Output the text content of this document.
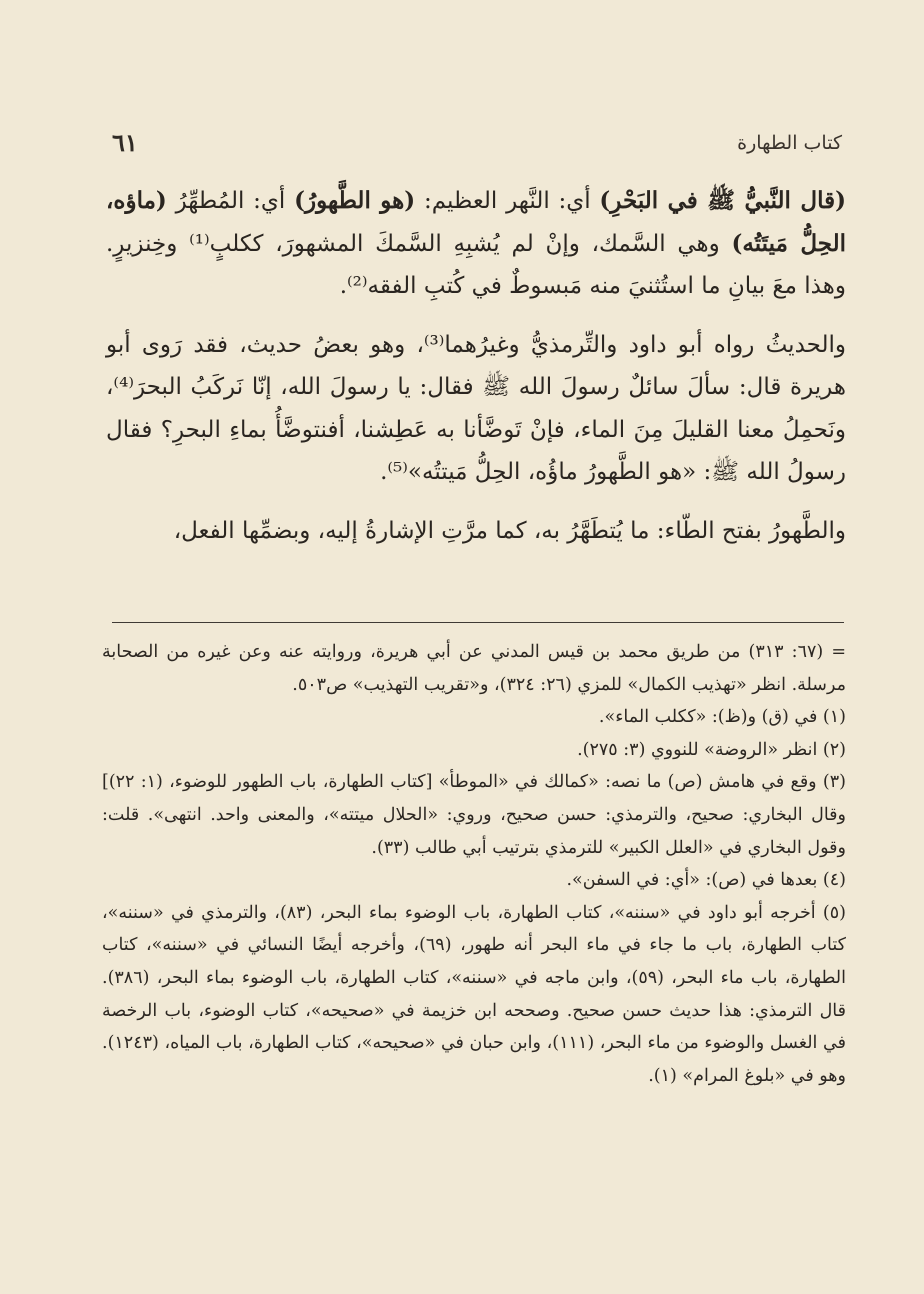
كتاب الطهارة
٦١

(قال النَّبيُّ ﷺ في البَحْرِ) أي: النَّهر العظيم: (هو الطَّهورُ) أي: المُطهِّرُ (ماؤه، الحِلُّ مَيتَتُه) وهي السَّمك، وإنْ لم يُشبِهِ السَّمكَ المشهورَ، ككلبٍ⁽¹⁾ وخِنزيرٍ. وهذا معَ بيانِ ما استُثنيَ منه مَبسوطٌ في كُتبِ الفقه⁽²⁾.

والحديثُ رواه أبو داود والتِّرمذيُّ وغيرُهما⁽³⁾، وهو بعضُ حديث، فقد رَوى أبو هريرة قال: سألَ سائلٌ رسولَ الله ﷺ فقال: يا رسولَ الله، إنّا نَركَبُ البحرَ⁽⁴⁾، ونَحمِلُ معنا القليلَ مِنَ الماء، فإنْ تَوضَّأنا به عَطِشنا، أفنتوضَّأُ بماءِ البحرِ؟ فقال رسولُ الله ﷺ: «هو الطَّهورُ ماؤُه، الحِلُّ مَيتتُه»⁽⁵⁾.

والطَّهورُ بفتح الطّاء: ما يُتطَهَّرُ به، كما مرَّتِ الإشارةُ إليه، وبضمِّها الفعل،

= (٦٧: ٣١٣) من طريق محمد بن قيس المدني عن أبي هريرة، وروايته عنه وعن غيره من الصحابة مرسلة. انظر «تهذيب الكمال» للمزي (٢٦: ٣٢٤)، و«تقريب التهذيب» ص٥٠٣.

(١) في (ق) و(ظ): «ككلب الماء».

(٢) انظر «الروضة» للنووي (٣: ٢٧٥).

(٣) وقع في هامش (ص) ما نصه: «كمالك في «الموطأ» [كتاب الطهارة، باب الطهور للوضوء، (١: ٢٢)] وقال البخاري: صحيح، والترمذي: حسن صحيح، وروي: «الحلال ميتته»، والمعنى واحد. انتهى». قلت: وقول البخاري في «العلل الكبير» للترمذي بترتيب أبي طالب (٣٣).

(٤) بعدها في (ص): «أي: في السفن».

(٥) أخرجه أبو داود في «سننه»، كتاب الطهارة، باب الوضوء بماء البحر، (٨٣)، والترمذي في «سننه»، كتاب الطهارة، باب ما جاء في ماء البحر أنه طهور، (٦٩)، وأخرجه أيضًا النسائي في «سننه»، كتاب الطهارة، باب ماء البحر، (٥٩)، وابن ماجه في «سننه»، كتاب الطهارة، باب الوضوء بماء البحر، (٣٨٦). قال الترمذي: هذا حديث حسن صحيح. وصححه ابن خزيمة في «صحيحه»، كتاب الوضوء، باب الرخصة في الغسل والوضوء من ماء البحر، (١١١)، وابن حبان في «صحيحه»، كتاب الطهارة، باب المياه، (١٢٤٣). وهو في «بلوغ المرام» (١).
